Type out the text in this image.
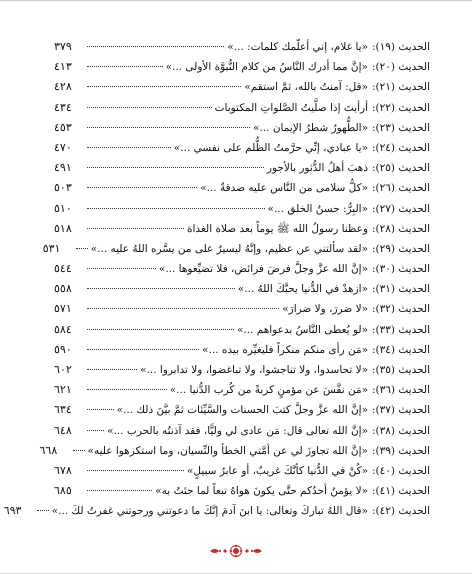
الحديث (١٩):
«يا غلام، إني أعلّمك كلمات: ...»
٣٧٩
الحديث (٢٠):
«إنَّ مما أدرك النَّاسُ من كلام النُّبوَّة الأولى ...»
٤١٣
الحديث (٢١):
«قل: آمنتُ بالله، ثمَّ استقم»
٤٢٨
الحديث (٢٢):
أرأيتَ إذا صلَّيتُ الصَّلواتِ المكتوبات
٤٣٤
الحديث (٢٣):
«الطُّهورُ شطرُ الإيمان ...»
٤٥٣
الحديث (٢٤):
«يا عبادي، إنِّي حرَّمتُ الظُّلم على نفسي ...»
٤٧٠
الحديث (٢٥):
ذهبَ أهلُ الدُّثور بالأجور
٤٩١
الحديث (٢٦):
«كلُّ سلامى من النَّاس عليه صدقةٌ ...»
٥٠٣
الحديث (٢٧):
«البِرُّ: حسنُ الخلق ...»
٥١٠
الحديث (٢٨):
وعظنا رسولُ الله ﷺ يوماً بعد صلاة الغداة
٥١٨
الحديث (٢٩):
«لقد سألتني عن عظيم، وإنَّهُ ليسيرٌ على من يسَّره اللهُ عليه ...»
٥٣١
الحديث (٣٠):
«إنَّ الله عزَّ وجلَّ فرضَ فرائض، فلا تضيِّعوها ...»
٥٤٤
الحديث (٣١):
«ازهدْ في الدُّنيا يحبَّكَ اللهُ ...»
٥٥٨
الحديث (٣٢):
«لا ضررَ، ولا ضرارَ»
٥٧١
الحديث (٣٣):
«لو يُعطى النَّاسُ بدعواهم ...»
٥٨٤
الحديث (٣٤):
«مَن رأى منكم منكراً فليغيِّره بيده ...»
٥٩٠
الحديث (٣٥):
«لا تحاسدوا، ولا تناجشوا، ولا تباغضوا، ولا تدابروا ...»
٦٠٢
الحديث (٣٦):
«مَن نفَّسَ عن مؤمنٍ كربةً من كُرب الدُّنيا ...»
٦٢١
الحديث (٣٧):
«إنَّ الله عزَّ وجلَّ كتبَ الحسنات والسَّيِّئات ثمَّ بيَّنَ ذلك ...»
٦٣٤
الحديث (٣٨):
«إنَّ الله تعالى قال: مَن عادى لي وليًّا، فقد آذنتُه بالحرب ...»
٦٤٨
الحديث (٣٩):
«إنَّ الله تجاوزَ لي عن أمَّتي الخطأ والنِّسيان، وما استكرهوا عليه»
٦٦٨
الحديث (٤٠):
«كُنْ في الدُّنيا كأنَّكَ غريبٌ، أو عابرُ سبيلٍ»
٦٧٨
الحديث (٤١):
«لا يؤمنُ أحدُكم حتَّى يكونَ هواهُ تبعاً لما جئتُ به»
٦٨٥
الحديث (٤٢):
«قال اللهُ تباركَ وتعالى: يا ابنَ آدمَ إنَّكَ ما دعوتني ورجوتني غفرتُ لكَ ...»
٦٩٣
